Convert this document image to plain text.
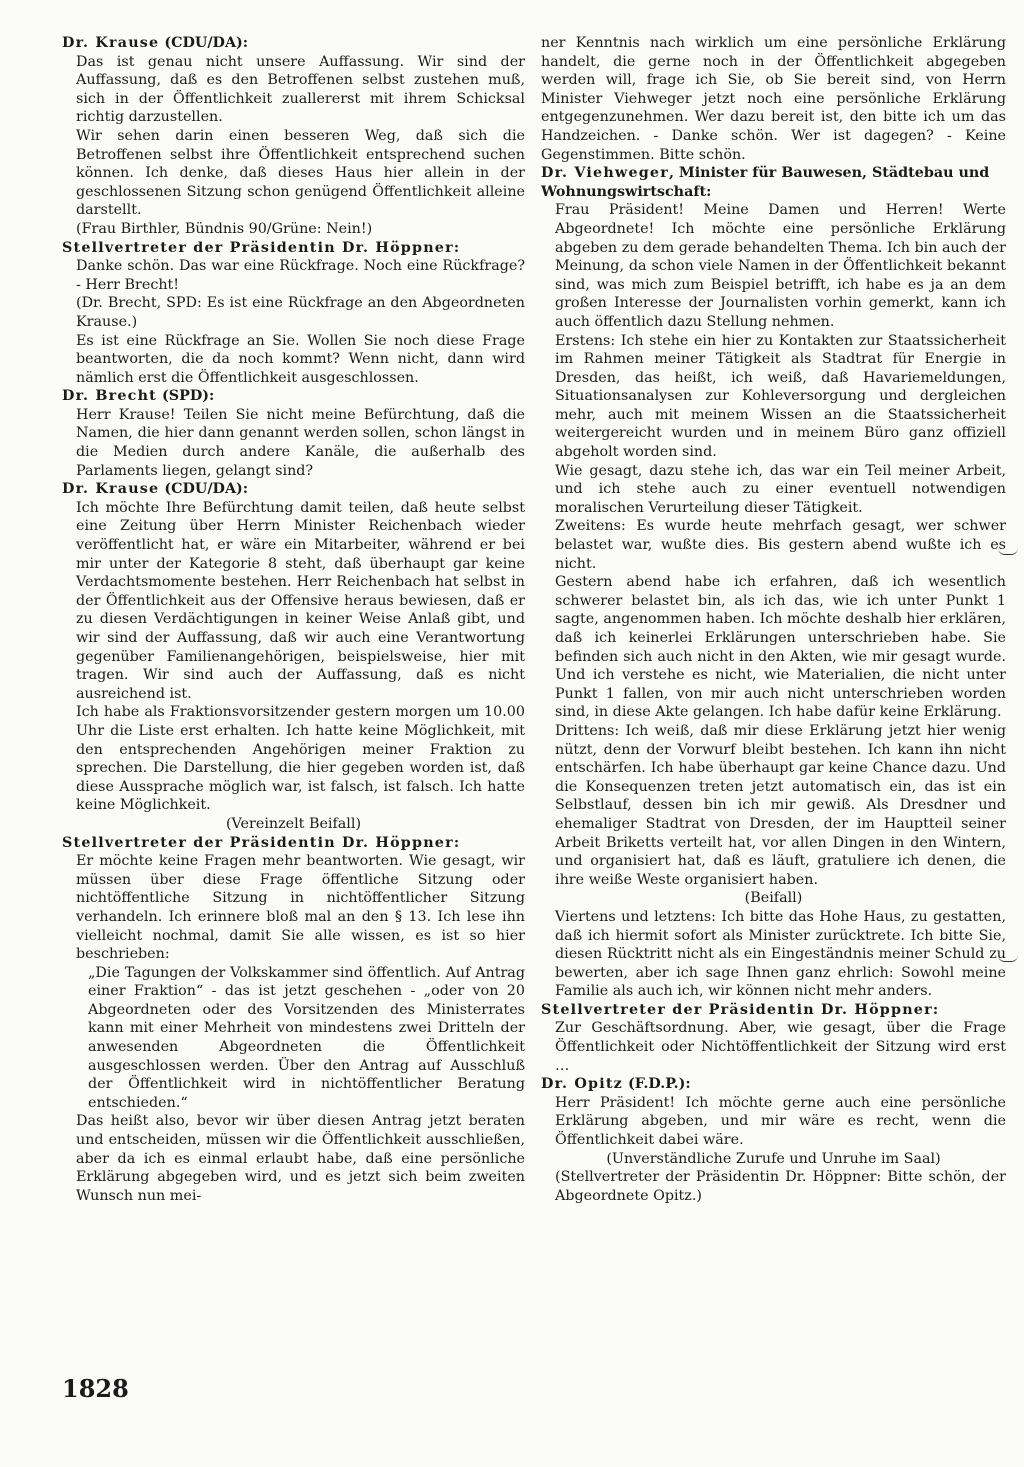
Dr. Krause (CDU/DA):
Das ist genau nicht unsere Auffassung. Wir sind der Auffassung, daß es den Betroffenen selbst zustehen muß, sich in der Öffentlichkeit zuallererst mit ihrem Schicksal richtig darzustellen.
Wir sehen darin einen besseren Weg, daß sich die Betroffenen selbst ihre Öffentlichkeit entsprechend suchen können. Ich denke, daß dieses Haus hier allein in der geschlossenen Sitzung schon genügend Öffentlichkeit alleine darstellt.
(Frau Birthler, Bündnis 90/Grüne: Nein!)
Stellvertreter der Präsidentin Dr. Höppner:
Danke schön. Das war eine Rückfrage. Noch eine Rückfrage? - Herr Brecht!
(Dr. Brecht, SPD: Es ist eine Rückfrage an den Abgeordneten Krause.)
Es ist eine Rückfrage an Sie. Wollen Sie noch diese Frage beantworten, die da noch kommt? Wenn nicht, dann wird nämlich erst die Öffentlichkeit ausgeschlossen.
Dr. Brecht (SPD):
Herr Krause! Teilen Sie nicht meine Befürchtung, daß die Namen, die hier dann genannt werden sollen, schon längst in die Medien durch andere Kanäle, die außerhalb des Parlaments liegen, gelangt sind?
Dr. Krause (CDU/DA):
Ich möchte Ihre Befürchtung damit teilen, daß heute selbst eine Zeitung über Herrn Minister Reichenbach wieder veröffentlicht hat, er wäre ein Mitarbeiter, während er bei mir unter der Kategorie 8 steht, daß überhaupt gar keine Verdachtsmomente bestehen. Herr Reichenbach hat selbst in der Öffentlichkeit aus der Offensive heraus bewiesen, daß er zu diesen Verdächtigungen in keiner Weise Anlaß gibt, und wir sind der Auffassung, daß wir auch eine Verantwortung gegenüber Familienangehörigen, beispielsweise, hier mit tragen. Wir sind auch der Auffassung, daß es nicht ausreichend ist.
Ich habe als Fraktionsvorsitzender gestern morgen um 10.00 Uhr die Liste erst erhalten. Ich hatte keine Möglichkeit, mit den entsprechenden Angehörigen meiner Fraktion zu sprechen. Die Darstellung, die hier gegeben worden ist, daß diese Aussprache möglich war, ist falsch, ist falsch. Ich hatte keine Möglichkeit.
(Vereinzelt Beifall)
Stellvertreter der Präsidentin Dr. Höppner:
Er möchte keine Fragen mehr beantworten. Wie gesagt, wir müssen über diese Frage öffentliche Sitzung oder nichtöffentliche Sitzung in nichtöffentlicher Sitzung verhandeln. Ich erinnere bloß mal an den § 13. Ich lese ihn vielleicht nochmal, damit Sie alle wissen, es ist so hier beschrieben:
„Die Tagungen der Volkskammer sind öffentlich. Auf Antrag einer Fraktion“ - das ist jetzt geschehen - „oder von 20 Abgeordneten oder des Vorsitzenden des Ministerrates kann mit einer Mehrheit von mindestens zwei Dritteln der anwesenden Abgeordneten die Öffentlichkeit ausgeschlossen werden. Über den Antrag auf Ausschluß der Öffentlichkeit wird in nichtöffentlicher Beratung entschieden.“
Das heißt also, bevor wir über diesen Antrag jetzt beraten und entscheiden, müssen wir die Öffentlichkeit ausschließen, aber da ich es einmal erlaubt habe, daß eine persönliche Erklärung abgegeben wird, und es jetzt sich beim zweiten Wunsch nun mei-
ner Kenntnis nach wirklich um eine persönliche Erklärung handelt, die gerne noch in der Öffentlichkeit abgegeben werden will, frage ich Sie, ob Sie bereit sind, von Herrn Minister Viehweger jetzt noch eine persönliche Erklärung entgegenzunehmen. Wer dazu bereit ist, den bitte ich um das Handzeichen. - Danke schön. Wer ist dagegen? - Keine Gegenstimmen. Bitte schön.
Dr. Viehweger, Minister für Bauwesen, Städtebau und Wohnungswirtschaft:
Frau Präsident! Meine Damen und Herren! Werte Abgeordnete! Ich möchte eine persönliche Erklärung abgeben zu dem gerade behandelten Thema. Ich bin auch der Meinung, da schon viele Namen in der Öffentlichkeit bekannt sind, was mich zum Beispiel betrifft, ich habe es ja an dem großen Interesse der Journalisten vorhin gemerkt, kann ich auch öffentlich dazu Stellung nehmen.
Erstens: Ich stehe ein hier zu Kontakten zur Staatssicherheit im Rahmen meiner Tätigkeit als Stadtrat für Energie in Dresden, das heißt, ich weiß, daß Havariemeldungen, Situationsanalysen zur Kohleversorgung und dergleichen mehr, auch mit meinem Wissen an die Staatssicherheit weitergereicht wurden und in meinem Büro ganz offiziell abgeholt worden sind.
Wie gesagt, dazu stehe ich, das war ein Teil meiner Arbeit, und ich stehe auch zu einer eventuell notwendigen moralischen Verurteilung dieser Tätigkeit.
Zweitens: Es wurde heute mehrfach gesagt, wer schwer belastet war, wußte dies. Bis gestern abend wußte ich es nicht.
Gestern abend habe ich erfahren, daß ich wesentlich schwerer belastet bin, als ich das, wie ich unter Punkt 1 sagte, angenommen haben. Ich möchte deshalb hier erklären, daß ich keinerlei Erklärungen unterschrieben habe. Sie befinden sich auch nicht in den Akten, wie mir gesagt wurde. Und ich verstehe es nicht, wie Materialien, die nicht unter Punkt 1 fallen, von mir auch nicht unterschrieben worden sind, in diese Akte gelangen. Ich habe dafür keine Erklärung.
Drittens: Ich weiß, daß mir diese Erklärung jetzt hier wenig nützt, denn der Vorwurf bleibt bestehen. Ich kann ihn nicht entschärfen. Ich habe überhaupt gar keine Chance dazu. Und die Konsequenzen treten jetzt automatisch ein, das ist ein Selbstlauf, dessen bin ich mir gewiß. Als Dresdner und ehemaliger Stadtrat von Dresden, der im Hauptteil seiner Arbeit Briketts verteilt hat, vor allen Dingen in den Wintern, und organisiert hat, daß es läuft, gratuliere ich denen, die ihre weiße Weste organisiert haben.
(Beifall)
Viertens und letztens: Ich bitte das Hohe Haus, zu gestatten, daß ich hiermit sofort als Minister zurücktrete. Ich bitte Sie, diesen Rücktritt nicht als ein Eingeständnis meiner Schuld zu bewerten, aber ich sage Ihnen ganz ehrlich: Sowohl meine Familie als auch ich, wir können nicht mehr anders.
Stellvertreter der Präsidentin Dr. Höppner:
Zur Geschäftsordnung. Aber, wie gesagt, über die Frage Öffentlichkeit oder Nichtöffentlichkeit der Sitzung wird erst …
Dr. Opitz (F.D.P.):
Herr Präsident! Ich möchte gerne auch eine persönliche Erklärung abgeben, und mir wäre es recht, wenn die Öffentlichkeit dabei wäre.
(Unverständliche Zurufe und Unruhe im Saal)
(Stellvertreter der Präsidentin Dr. Höppner: Bitte schön, der Abgeordnete Opitz.)
1828
